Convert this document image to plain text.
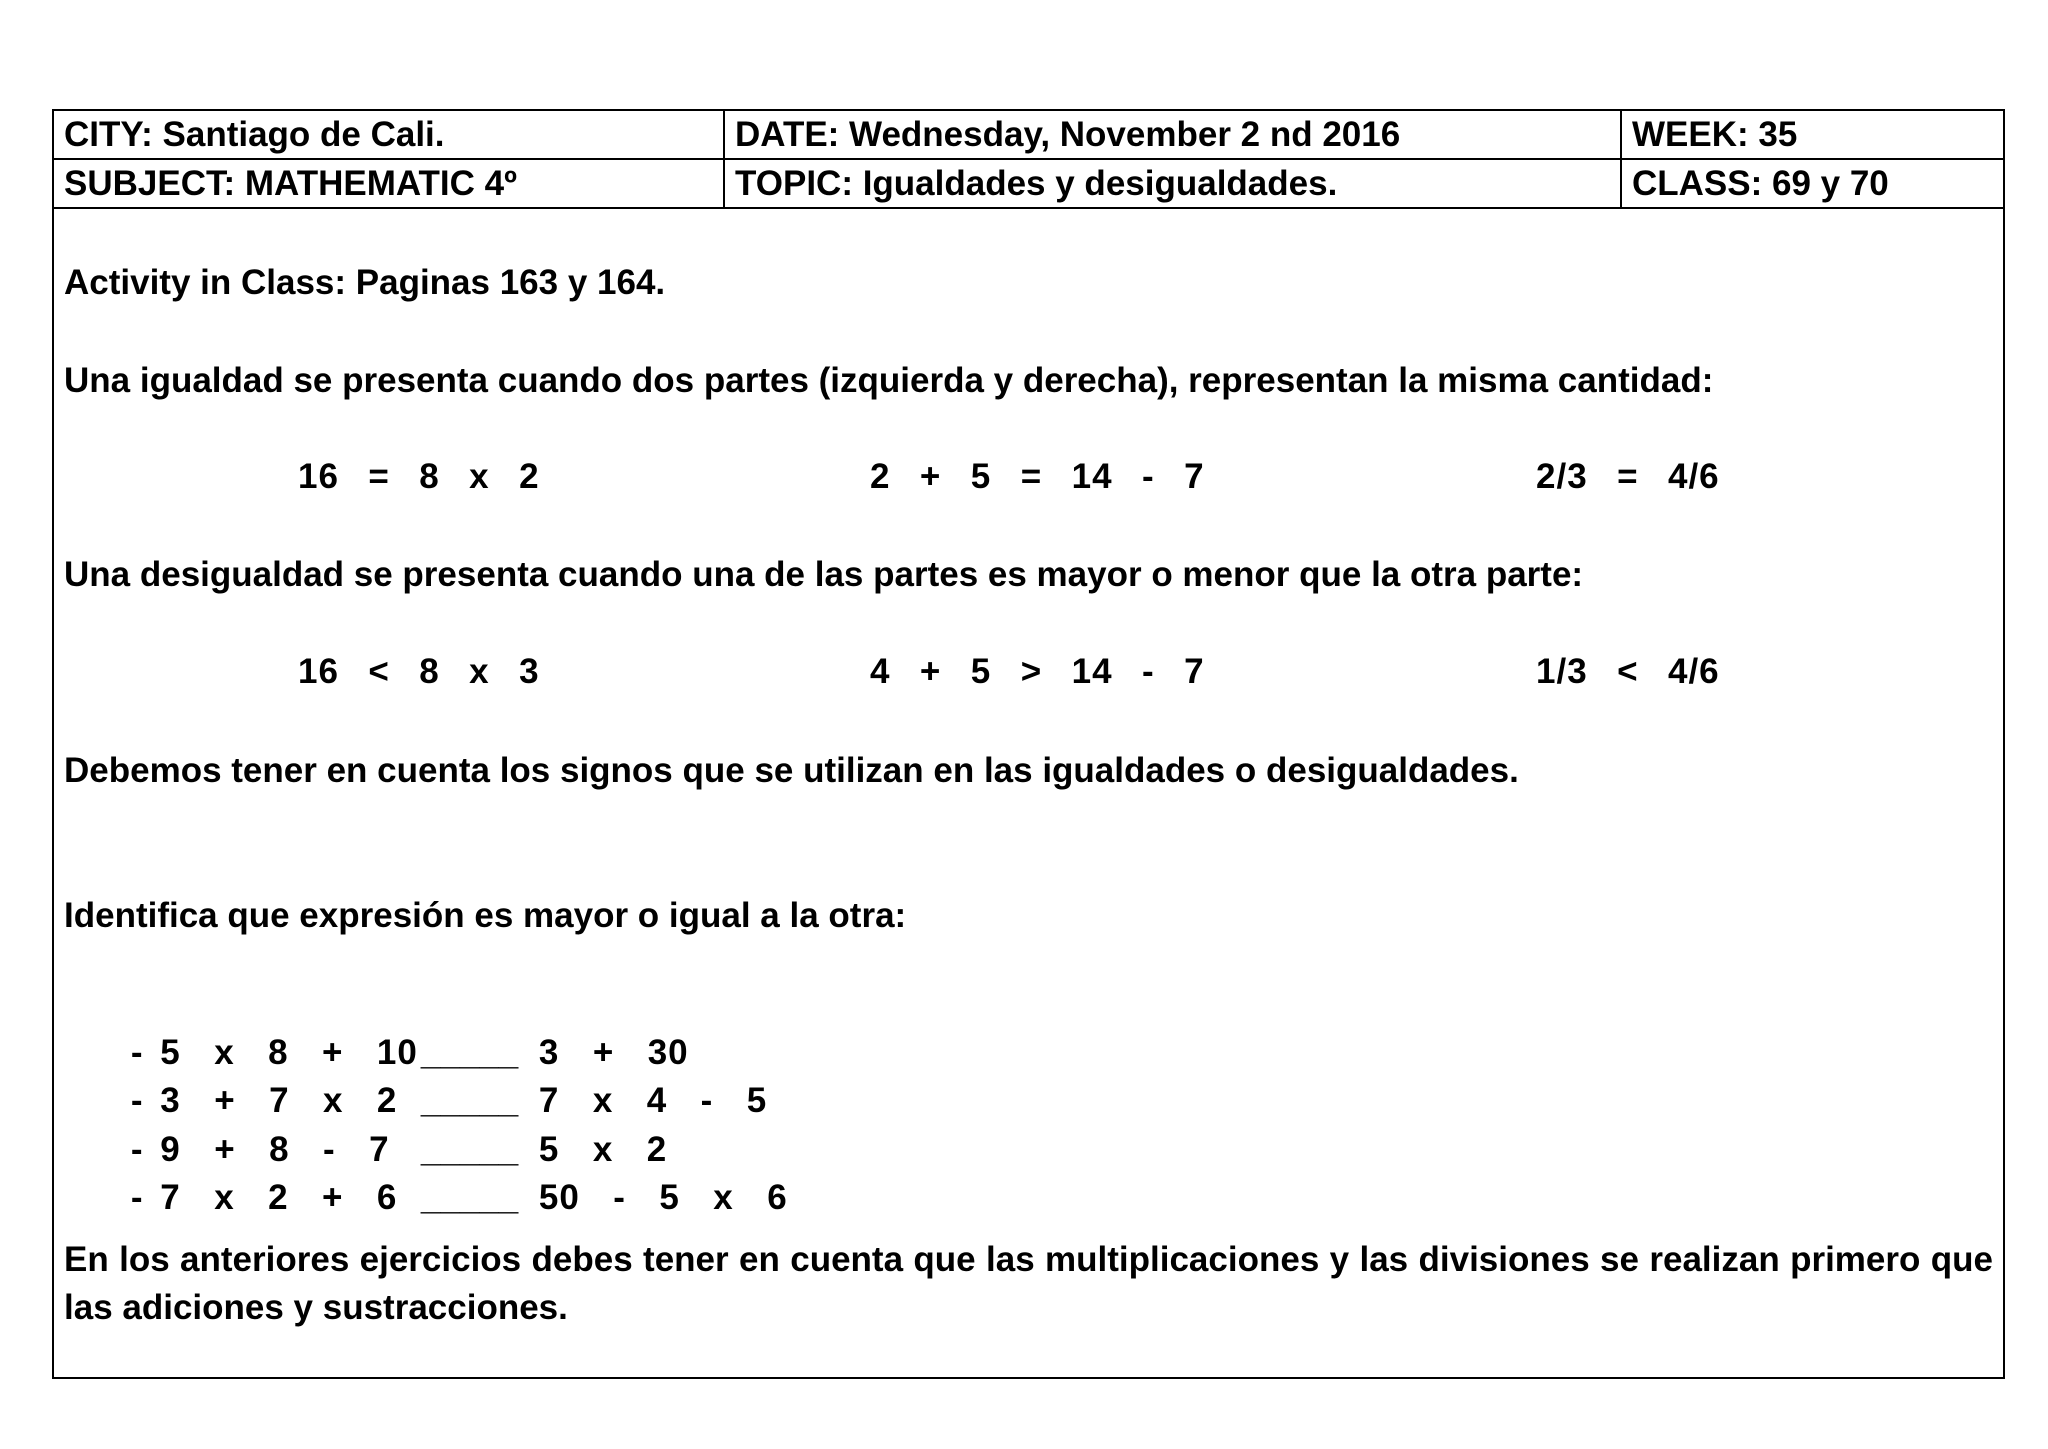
CITY: Santiago de Cali.	DATE: Wednesday, November 2 nd 2016	WEEK: 35
SUBJECT: MATHEMATIC 4º	TOPIC: Igualdades y desigualdades.	CLASS: 69 y 70
Activity in Class: Paginas 163 y 164.
Una igualdad se presenta cuando dos partes (izquierda y derecha), representan la misma cantidad:
16  =  8  x  2	2  +  5  =  14  -  7	2/3  =  4/6
Una desigualdad se presenta cuando una de las partes es mayor o menor que la otra parte:
16  <  8  x  3	4  +  5  >  14  -  7	1/3  <  4/6
Debemos tener en cuenta los signos que se utilizan en las igualdades o desigualdades.
Identifica que expresión es mayor o igual a la otra:

- 5  x  8  +  10_____ 3  +  30

- 3  +  7  x  2 _____ 7  x  4  -  5

- 9  +  8  -  7 _____ 5  x  2

- 7  x  2  +  6 _____ 50  -  5  x  6

En los anteriores ejercicios debes tener en cuenta que las multiplicaciones y las divisiones se realizan primero que las adiciones y sustracciones.
